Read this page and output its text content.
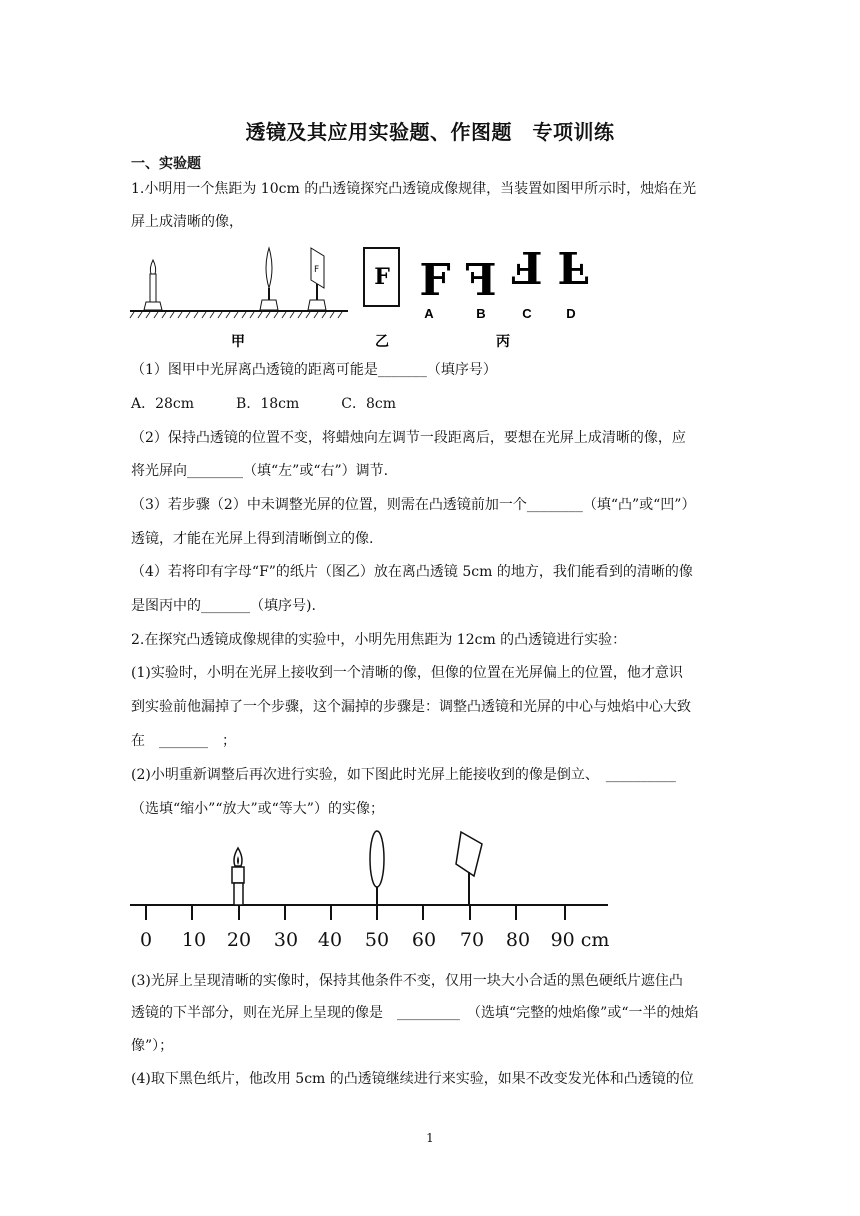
透镜及其应用实验题、作图题　专项训练
一、实验题
1.小明用一个焦距为 10cm 的凸透镜探究凸透镜成像规律，当装置如图甲所示时，烛焰在光
屏上成清晰的像，
F	F F F F F
A	B	C	D
甲	乙	丙
（1）图甲中光屏离凸透镜的距离可能是_______（填序号）
A．28cm　　　B．18cm　　　C．8cm
（2）保持凸透镜的位置不变，将蜡烛向左调节一段距离后，要想在光屏上成清晰的像，应
将光屏向________（填“左”或“右”）调节.
（3）若步骤（2）中未调整光屏的位置，则需在凸透镜前加一个________（填“凸”或“凹”）
透镜，才能在光屏上得到清晰倒立的像.
（4）若将印有字母“F”的纸片（图乙）放在离凸透镜 5cm 的地方，我们能看到的清晰的像
是图丙中的_______（填序号).
2.在探究凸透镜成像规律的实验中，小明先用焦距为 12cm 的凸透镜进行实验：
(1)实验时，小明在光屏上接收到一个清晰的像，但像的位置在光屏偏上的位置，他才意识
到实验前他漏掉了一个步骤，这个漏掉的步骤是：调整凸透镜和光屏的中心与烛焰中心大致
在　_______　；
(2)小明重新调整后再次进行实验，如下图此时光屏上能接收到的像是倒立、　__________
（选填“缩小”“放大”或“等大”）的实像；
0 10 20 30 40 50 60 70	90 cm
80
(3)光屏上呈现清晰的实像时，保持其他条件不变，仅用一块大小合适的黑色硬纸片遮住凸
透镜的下半部分，则在光屏上呈现的像是　_________　（选填“完整的烛焰像”或“一半的烛焰
像”）；
(4)取下黑色纸片，他改用 5cm 的凸透镜继续进行来实验，如果不改变发光体和凸透镜的位
1
